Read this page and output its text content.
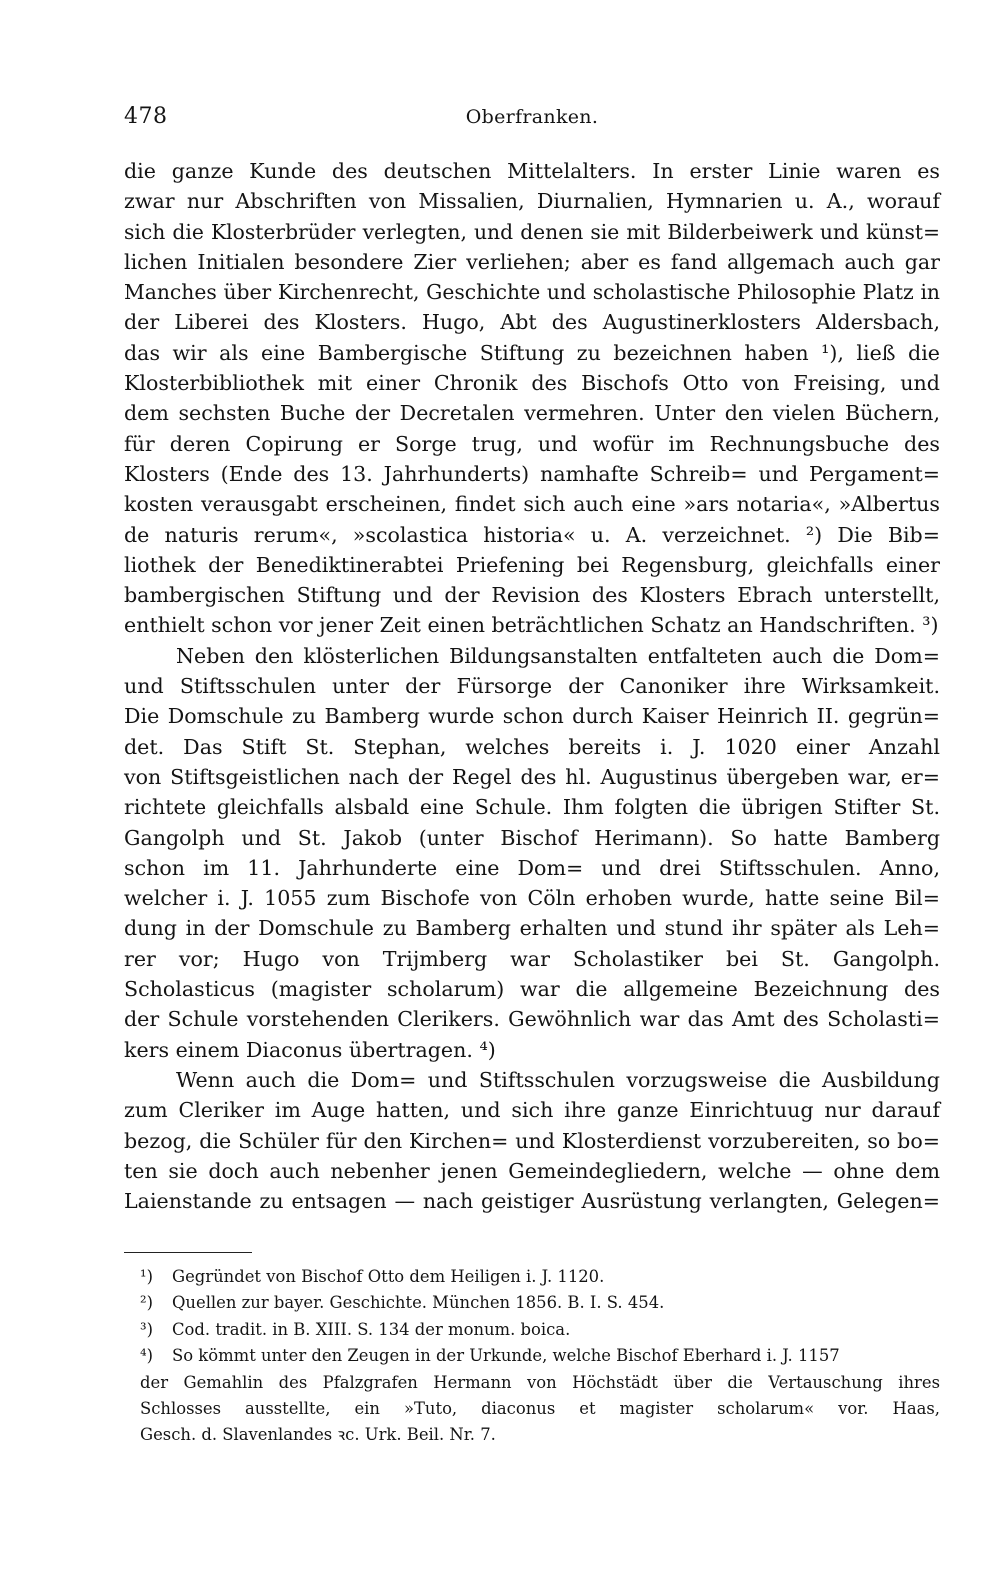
478	Oberfranken.
die ganze Kunde des deutschen Mittelalters. In erster Linie waren es
zwar nur Abschriften von Missalien, Diurnalien, Hymnarien u. A., worauf
sich die Klosterbrüder verlegten, und denen sie mit Bilderbeiwerk und künst=
lichen Initialen besondere Zier verliehen; aber es fand allgemach auch gar
Manches über Kirchenrecht, Geschichte und scholastische Philosophie Platz in
der Liberei des Klosters. Hugo, Abt des Augustinerklosters Aldersbach,
das wir als eine Bambergische Stiftung zu bezeichnen haben ¹), ließ die
Klosterbibliothek mit einer Chronik des Bischofs Otto von Freising, und
dem sechsten Buche der Decretalen vermehren. Unter den vielen Büchern,
für deren Copirung er Sorge trug, und wofür im Rechnungsbuche des
Klosters (Ende des 13. Jahrhunderts) namhafte Schreib= und Pergament=
kosten verausgabt erscheinen, findet sich auch eine »ars notaria«, »Albertus
de naturis rerum«, »scolastica historia« u. A. verzeichnet. ²) Die Bib=
liothek der Benediktinerabtei Priefening bei Regensburg, gleichfalls einer
bambergischen Stiftung und der Revision des Klosters Ebrach unterstellt,
enthielt schon vor jener Zeit einen beträchtlichen Schatz an Handschriften. ³)
Neben den klösterlichen Bildungsanstalten entfalteten auch die Dom=
und Stiftsschulen unter der Fürsorge der Canoniker ihre Wirksamkeit.
Die Domschule zu Bamberg wurde schon durch Kaiser Heinrich II. gegrün=
det. Das Stift St. Stephan, welches bereits i. J. 1020 einer Anzahl
von Stiftsgeistlichen nach der Regel des hl. Augustinus übergeben war, er=
richtete gleichfalls alsbald eine Schule. Ihm folgten die übrigen Stifter St.
Gangolph und St. Jakob (unter Bischof Herimann). So hatte Bamberg
schon im 11. Jahrhunderte eine Dom= und drei Stiftsschulen. Anno,
welcher i. J. 1055 zum Bischofe von Cöln erhoben wurde, hatte seine Bil=
dung in der Domschule zu Bamberg erhalten und stund ihr später als Leh=
rer vor; Hugo von Trijmberg war Scholastiker bei St. Gangolph.
Scholasticus (magister scholarum) war die allgemeine Bezeichnung des
der Schule vorstehenden Clerikers. Gewöhnlich war das Amt des Scholasti=
kers einem Diaconus übertragen. ⁴)
Wenn auch die Dom= und Stiftsschulen vorzugsweise die Ausbildung
zum Cleriker im Auge hatten, und sich ihre ganze Einrichtuug nur darauf
bezog, die Schüler für den Kirchen= und Klosterdienst vorzubereiten, so bo=
ten sie doch auch nebenher jenen Gemeindegliedern, welche — ohne dem
Laienstande zu entsagen — nach geistiger Ausrüstung verlangten, Gelegen=
¹) Gegründet von Bischof Otto dem Heiligen i. J. 1120.
²) Quellen zur bayer. Geschichte. München 1856. B. I. S. 454.
³) Cod. tradit. in B. XIII. S. 134 der monum. boica.
⁴) So kömmt unter den Zeugen in der Urkunde, welche Bischof Eberhard i. J. 1157
der Gemahlin des Pfalzgrafen Hermann von Höchstädt über die Vertauschung ihres
Schlosses ausstellte, ein »Tuto, diaconus et magister scholarum« vor. Haas,
Gesch. d. Slavenlandes ꝛc. Urk. Beil. Nr. 7.
